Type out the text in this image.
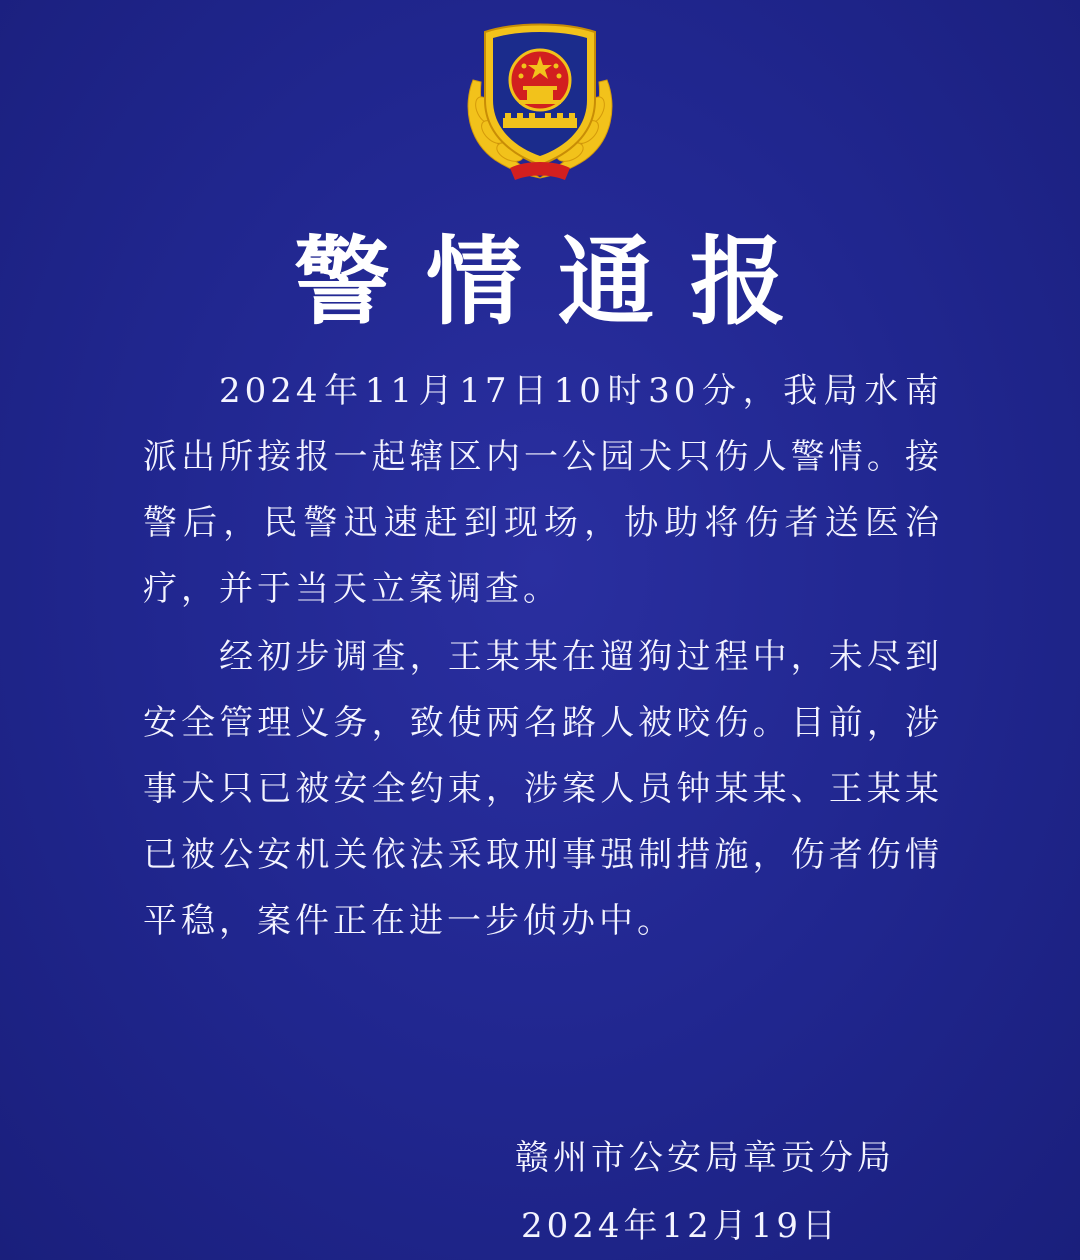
警情通报
2024年11月17日10时30分，我局水南派出所接报一起辖区内一公园犬只伤人警情。接警后，民警迅速赶到现场，协助将伤者送医治疗，并于当天立案调查。
经初步调查，王某某在遛狗过程中，未尽到安全管理义务，致使两名路人被咬伤。目前，涉事犬只已被安全约束，涉案人员钟某某、王某某已被公安机关依法采取刑事强制措施，伤者伤情平稳，案件正在进一步侦办中。
赣州市公安局章贡分局
2024年12月19日
